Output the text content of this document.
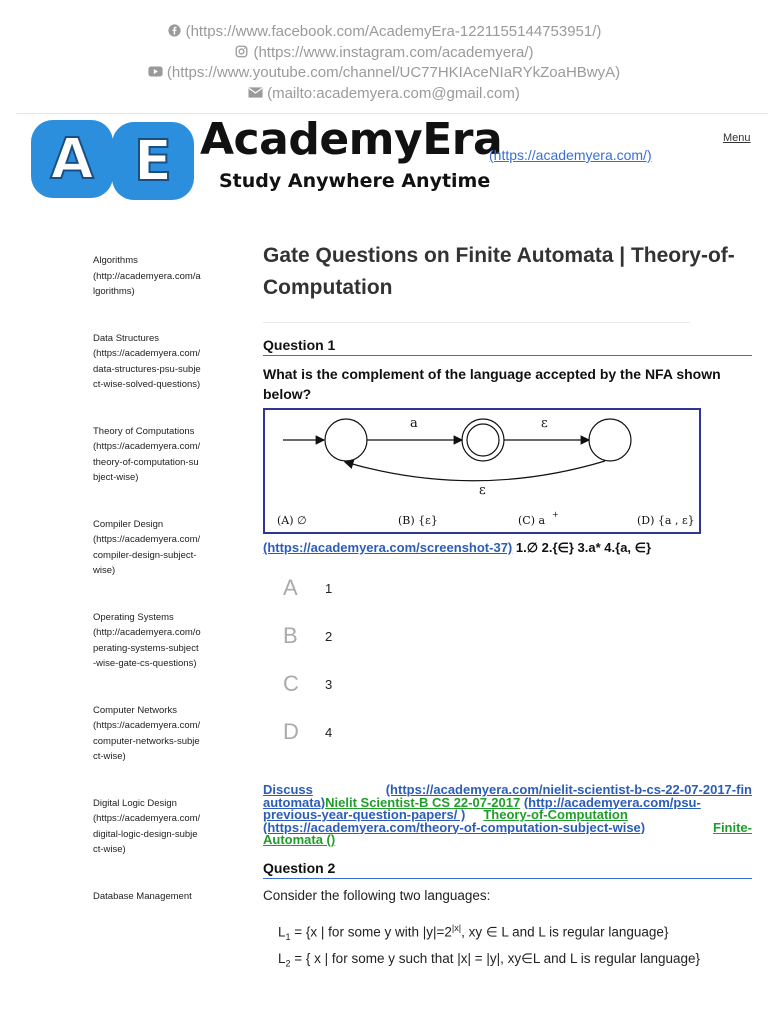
(https://www.facebook.com/AcademyEra-1221155144753951/)
(https://www.instagram.com/academyera/)
(https://www.youtube.com/channel/UC77HKIAceNIaRYkZoaHBwyA)
(mailto:academyera.com@gmail.com)
A E AcademyEra
Study Anywhere Anytime
(https://academyera.com/)
Menu
Algorithms
(http://academyera.com/algorithms)
Data Structures
(https://academyera.com/data-structures-psu-subject-wise-solved-questions)
Theory of Computations
(https://academyera.com/theory-of-computation-subject-wise)
Compiler Design
(https://academyera.com/compiler-design-subject-wise)
Operating Systems
(http://academyera.com/operating-systems-subject-wise-gate-cs-questions)
Computer Networks
(https://academyera.com/computer-networks-subject-wise)
Digital Logic Design
(https://academyera.com/digital-logic-design-subject-wise)
Database Management
Gate Questions on Finite Automata | Theory-of-Computation
Question 1
What is the complement of the language accepted by the NFA shown below?
a	ε
ε
(A) ∅	(B) {ε}	(C) a +	(D) {a , ε}
(https://academyera.com/screenshot-37) 1.∅ 2.{∈} 3.a* 4.{a, ∈}
A	1
B	2
C	3
D	4
Discuss	(https://academyera.com/nielit-scientist-b-cs-22-07-2017-fin
automata) Nielit Scientist-B CS 22-07-2017
(http://academyera.com/psu-
previous-year-question-papers/ )
Theory-of-Computation
(https://academyera.com/theory-of-computation-subject-wise)	Finite-
Automata ()
Question 2
Consider the following two languages:
$L_1 = \{x$ | for some y with $|y|=2^{|x|}$, xy ∈ L and L is regular language}
$L_2$ = { x | for some y such that |x| = |y|, xy∈L and L is regular language}
